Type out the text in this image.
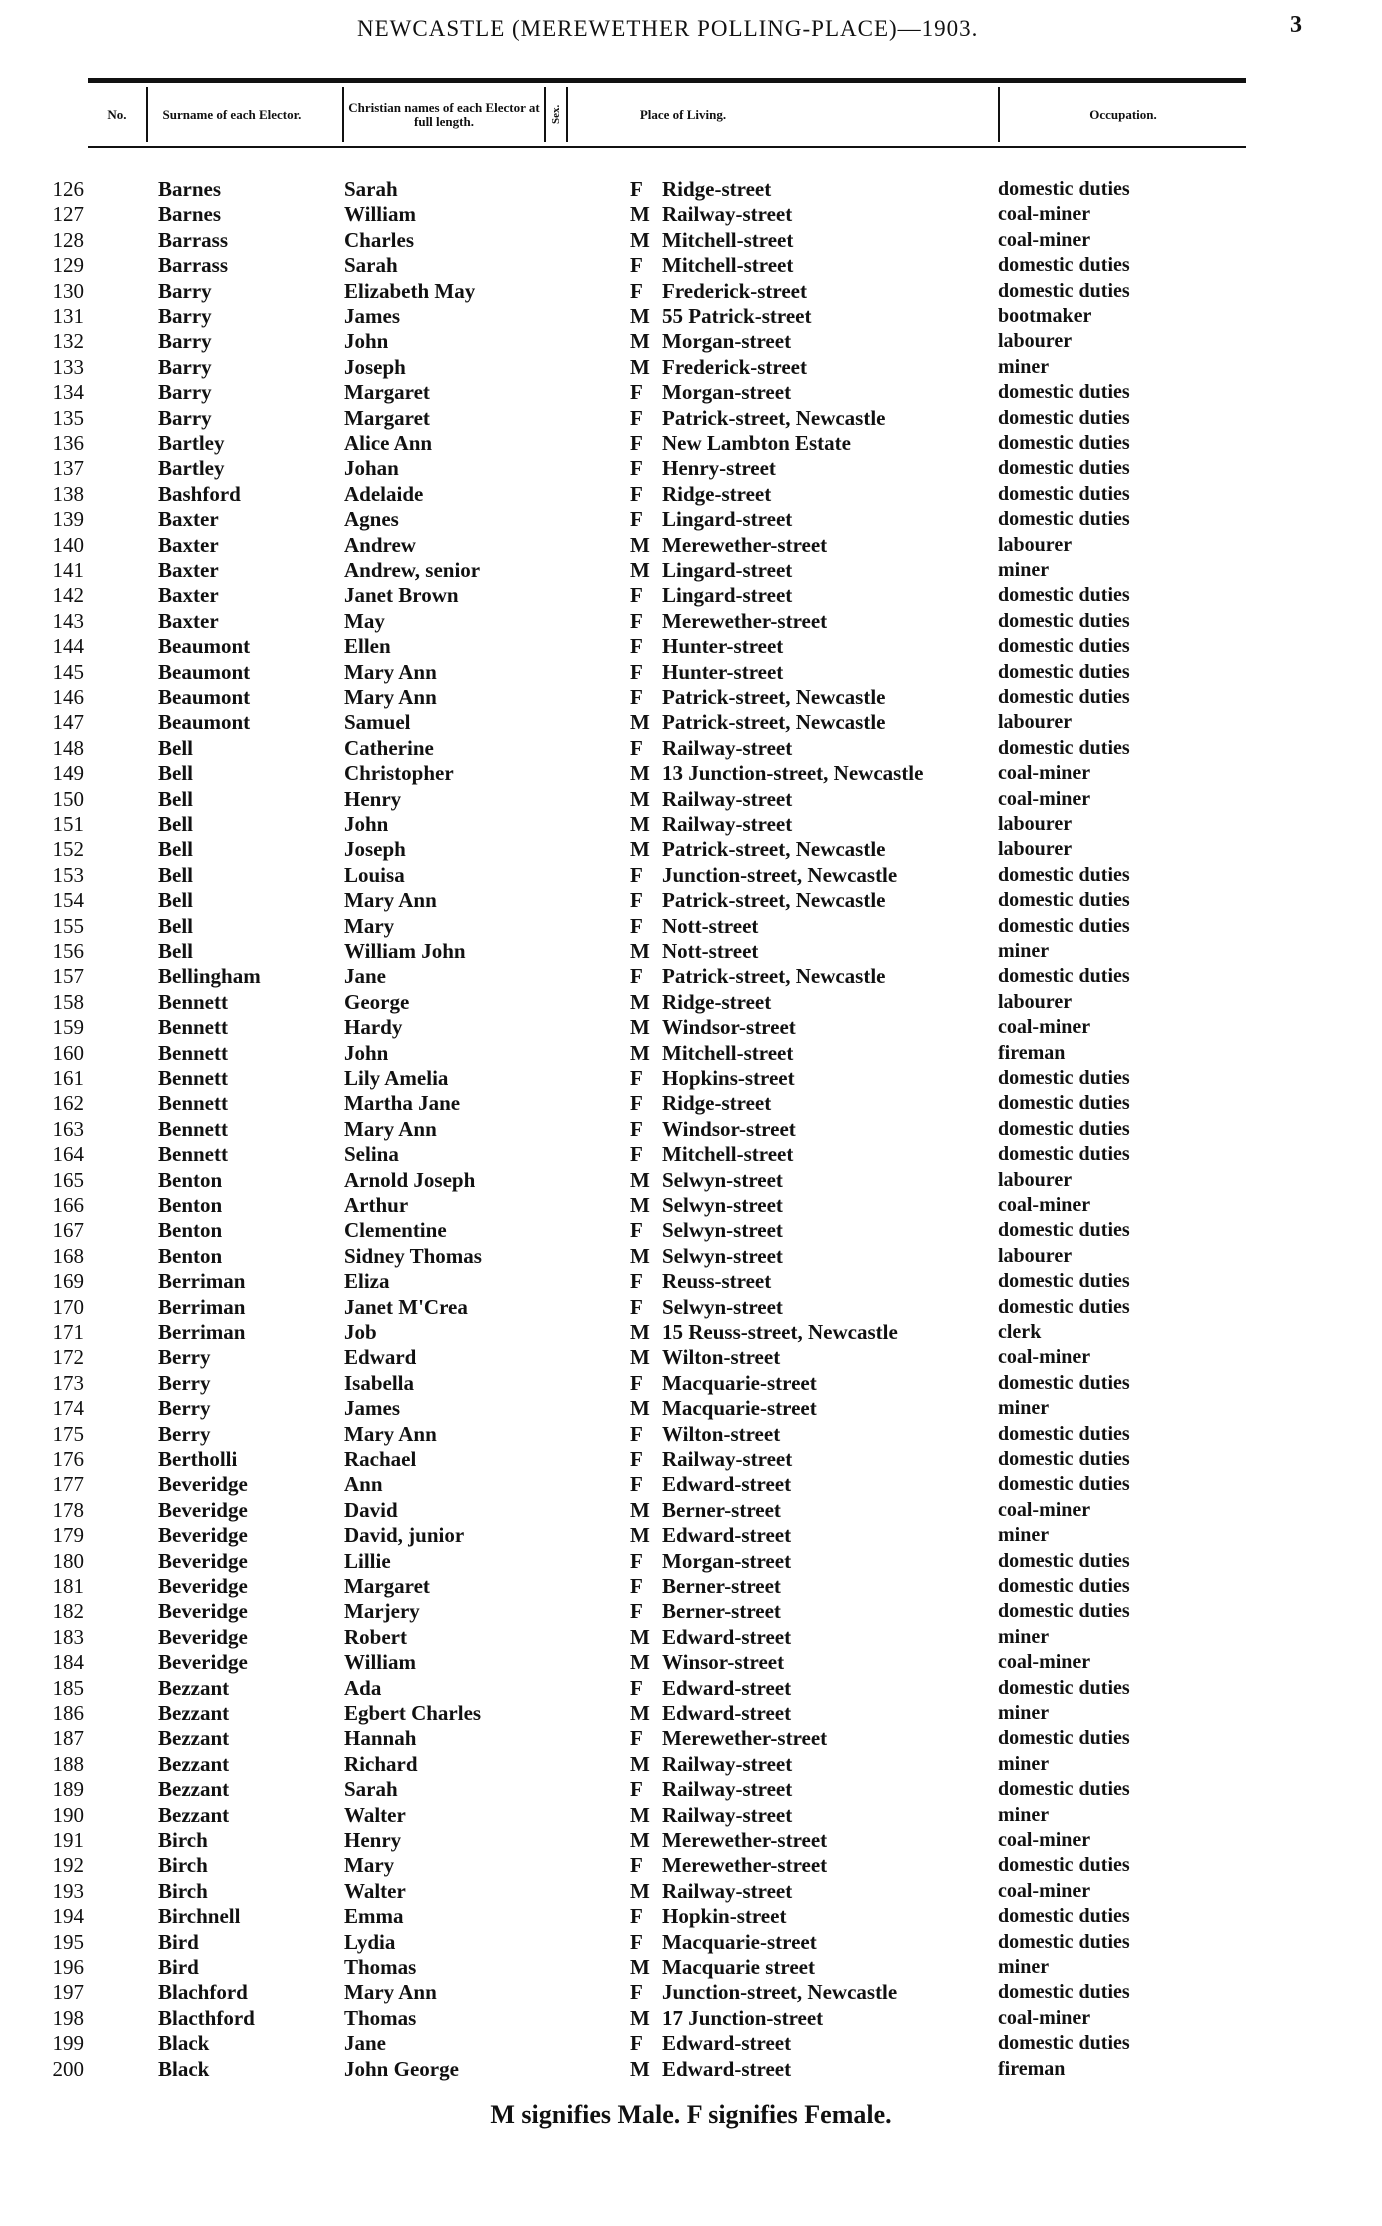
NEWCASTLE (MEREWETHER POLLING-PLACE)—1903.	3
No.	Surname of each Elector.	Christian names of each Elector at full length.	Sex.	Place of Living.	Occupation.
126	Barnes	Sarah	F Ridge-street	domestic duties
127	Barnes	William	M Railway-street	coal-miner
128	Barrass	Charles	M Mitchell-street	coal-miner
129	Barrass	Sarah	F Mitchell-street	domestic duties
130	Barry	Elizabeth May	F Frederick-street	domestic duties
131	Barry	James	M 55 Patrick-street	bootmaker
132	Barry	John	M Morgan-street	labourer
133	Barry	Joseph	M Frederick-street	miner
134	Barry	Margaret	F Morgan-street	domestic duties
135	Barry	Margaret	F Patrick-street, Newcastle	domestic duties
136	Bartley	Alice Ann	F New Lambton Estate	domestic duties
137	Bartley	Johan	F Henry-street	domestic duties
138	Bashford	Adelaide	F Ridge-street	domestic duties
139	Baxter	Agnes	F Lingard-street	domestic duties
140	Baxter	Andrew	M Merewether-street	labourer
141	Baxter	Andrew, senior	M Lingard-street	miner
142	Baxter	Janet Brown	F Lingard-street	domestic duties
143	Baxter	May	F Merewether-street	domestic duties
144	Beaumont	Ellen	F Hunter-street	domestic duties
145	Beaumont	Mary Ann	F Hunter-street	domestic duties
146	Beaumont	Mary Ann	F Patrick-street, Newcastle	domestic duties
147	Beaumont	Samuel	M Patrick-street, Newcastle	labourer
148	Bell	Catherine	F Railway-street	domestic duties
149	Bell	Christopher	M 13 Junction-street, Newcastle	coal-miner
150	Bell	Henry	M Railway-street	coal-miner
151	Bell	John	M Railway-street	labourer
152	Bell	Joseph	M Patrick-street, Newcastle	labourer
153	Bell	Louisa	F Junction-street, Newcastle	domestic duties
154	Bell	Mary Ann	F Patrick-street, Newcastle	domestic duties
155	Bell	Mary	F Nott-street	domestic duties
156	Bell	William John	M Nott-street	miner
157	Bellingham	Jane	F Patrick-street, Newcastle	domestic duties
158	Bennett	George	M Ridge-street	labourer
159	Bennett	Hardy	M Windsor-street	coal-miner
160	Bennett	John	M Mitchell-street	fireman
161	Bennett	Lily Amelia	F Hopkins-street	domestic duties
162	Bennett	Martha Jane	F Ridge-street	domestic duties
163	Bennett	Mary Ann	F Windsor-street	domestic duties
164	Bennett	Selina	F Mitchell-street	domestic duties
165	Benton	Arnold Joseph	M Selwyn-street	labourer
166	Benton	Arthur	M Selwyn-street	coal-miner
167	Benton	Clementine	F Selwyn-street	domestic duties
168	Benton	Sidney Thomas	M Selwyn-street	labourer
169	Berriman	Eliza	F Reuss-street	domestic duties
170	Berriman	Janet M'Crea	F Selwyn-street	domestic duties
171	Berriman	Job	M 15 Reuss-street, Newcastle	clerk
172	Berry	Edward	M Wilton-street	coal-miner
173	Berry	Isabella	F Macquarie-street	domestic duties
174	Berry	James	M Macquarie-street	miner
175	Berry	Mary Ann	F Wilton-street	domestic duties
176	Bertholli	Rachael	F Railway-street	domestic duties
177	Beveridge	Ann	F Edward-street	domestic duties
178	Beveridge	David	M Berner-street	coal-miner
179	Beveridge	David, junior	M Edward-street	miner
180	Beveridge	Lillie	F Morgan-street	domestic duties
181	Beveridge	Margaret	F Berner-street	domestic duties
182	Beveridge	Marjery	F Berner-street	domestic duties
183	Beveridge	Robert	M Edward-street	miner
184	Beveridge	William	M Winsor-street	coal-miner
185	Bezzant	Ada	F Edward-street	domestic duties
186	Bezzant	Egbert Charles	M Edward-street	miner
187	Bezzant	Hannah	F Merewether-street	domestic duties
188	Bezzant	Richard	M Railway-street	miner
189	Bezzant	Sarah	F Railway-street	domestic duties
190	Bezzant	Walter	M Railway-street	miner
191	Birch	Henry	M Merewether-street	coal-miner
192	Birch	Mary	F Merewether-street	domestic duties
193	Birch	Walter	M Railway-street	coal-miner
194	Birchnell	Emma	F Hopkin-street	domestic duties
195	Bird	Lydia	F Macquarie-street	domestic duties
196	Bird	Thomas	M Macquarie street	miner
197	Blachford	Mary Ann	F Junction-street, Newcastle	domestic duties
198	Blacthford	Thomas	M 17 Junction-street	coal-miner
199	Black	Jane	F Edward-street	domestic duties
200	Black	John George	M Edward-street	fireman
M signifies Male. F signifies Female.
